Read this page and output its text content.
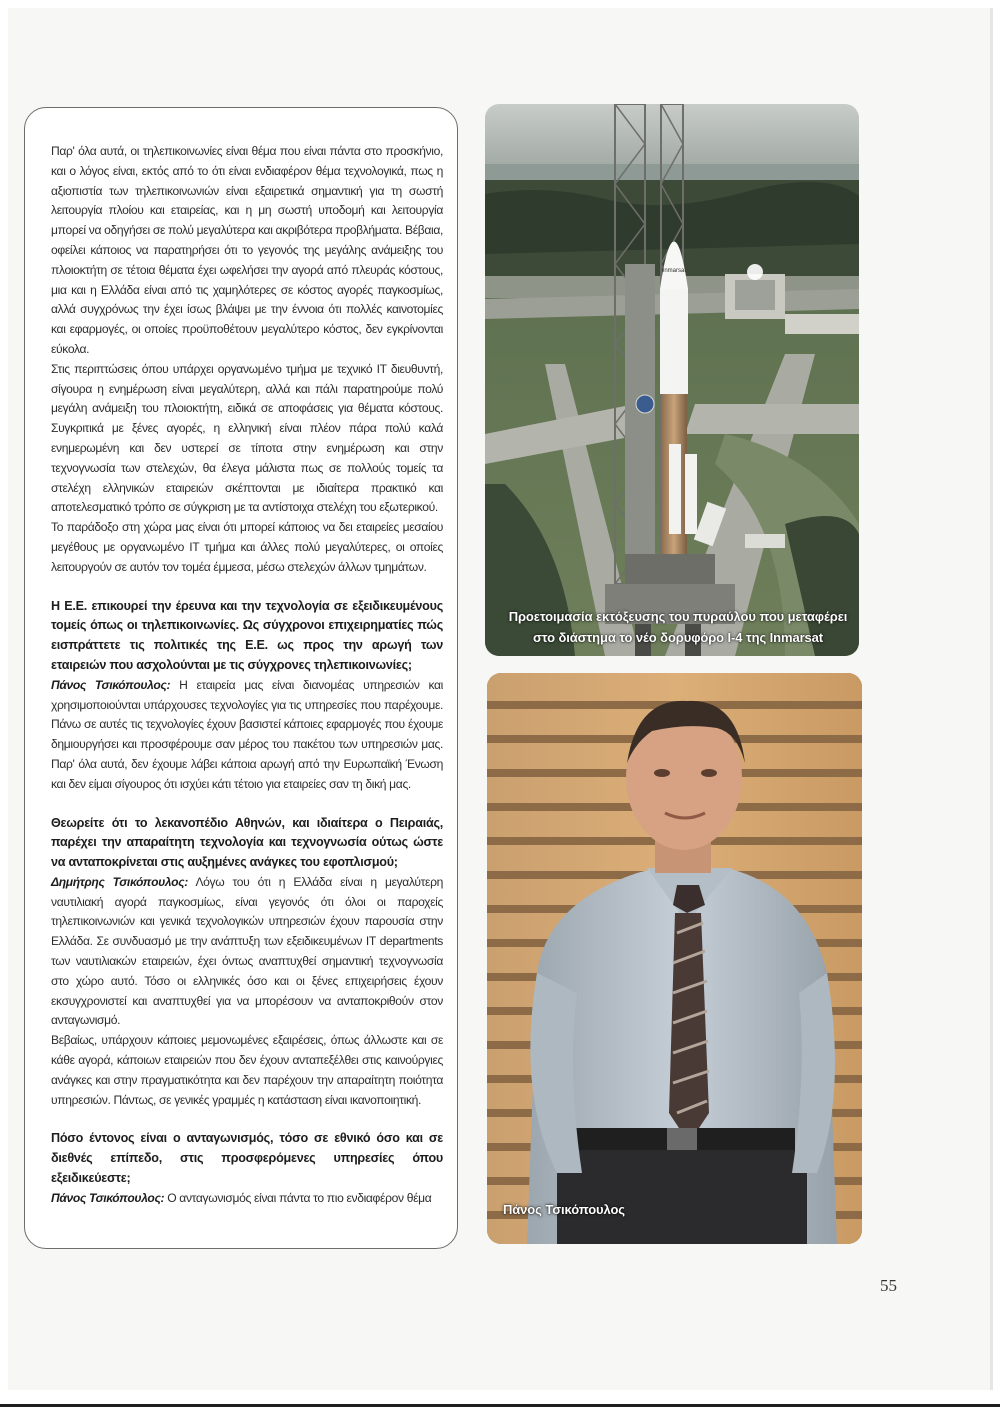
Παρ' όλα αυτά, οι τηλεπικοινωνίες είναι θέμα που είναι πάντα στο προσκήνιο, και ο λόγος είναι, εκτός από το ότι είναι ενδιαφέρον θέμα τεχνολογικά, πως η αξιοπιστία των τηλεπικοινωνιών είναι εξαιρετικά σημαντική για τη σωστή λειτουργία πλοίου και εταιρείας, και η μη σωστή υποδομή και λειτουργία μπορεί να οδηγήσει σε πολύ μεγαλύτερα και ακριβότερα προβλήματα. Βέβαια, οφείλει κάποιος να παρατηρήσει ότι το γεγονός της μεγάλης ανάμειξης του πλοιοκτήτη σε τέτοια θέματα έχει ωφελήσει την αγορά από πλευράς κόστους, μια και η Ελλάδα είναι από τις χαμηλότερες σε κόστος αγορές παγκοσμίως, αλλά συγχρόνως την έχει ίσως βλάψει με την έννοια ότι πολλές καινοτομίες και εφαρμογές, οι οποίες προϋποθέτουν μεγαλύτερο κόστος, δεν εγκρίνονται εύκολα.

Στις περιπτώσεις όπου υπάρχει οργανωμένο τμήμα με τεχνικό IT διευθυντή, σίγουρα η ενημέρωση είναι μεγαλύτερη, αλλά και πάλι παρατηρούμε πολύ μεγάλη ανάμειξη του πλοιοκτήτη, ειδικά σε αποφάσεις για θέματα κόστους. Συγκριτικά με ξένες αγορές, η ελληνική είναι πλέον πάρα πολύ καλά ενημερωμένη και δεν υστερεί σε τίποτα στην ενημέρωση και στην τεχνογνωσία των στελεχών, θα έλεγα μάλιστα πως σε πολλούς τομείς τα στελέχη ελληνικών εταιρειών σκέπτονται με ιδιαίτερα πρακτικό και αποτελεσματικό τρόπο σε σύγκριση με τα αντίστοιχα στελέχη του εξωτερικού.

Το παράδοξο στη χώρα μας είναι ότι μπορεί κάποιος να δει εταιρείες μεσαίου μεγέθους με οργανωμένο IT τμήμα και άλλες πολύ μεγαλύτερες, οι οποίες λειτουργούν σε αυτόν τον τομέα έμμεσα, μέσω στελεχών άλλων τμημάτων.

Η Ε.Ε. επικουρεί την έρευνα και την τεχνολογία σε εξειδικευμένους τομείς όπως οι τηλεπικοινωνίες. Ως σύγχρονοι επιχειρηματίες πώς εισπράττετε τις πολιτικές της Ε.Ε. ως προς την αρωγή των εταιρειών που ασχολούνται με τις σύγχρονες τηλεπικοινωνίες;

Πάνος Τσικόπουλος: Η εταιρεία μας είναι διανομέας υπηρεσιών και χρησιμοποιούνται υπάρχουσες τεχνολογίες για τις υπηρεσίες που παρέχουμε. Πάνω σε αυτές τις τεχνολογίες έχουν βασιστεί κάποιες εφαρμογές που έχουμε δημιουργήσει και προσφέρουμε σαν μέρος του πακέτου των υπηρεσιών μας. Παρ' όλα αυτά, δεν έχουμε λάβει κάποια αρωγή από την Ευρωπαϊκή Ένωση και δεν είμαι σίγουρος ότι ισχύει κάτι τέτοιο για εταιρείες σαν τη δική μας.

Θεωρείτε ότι το λεκανοπέδιο Αθηνών, και ιδιαίτερα ο Πειραιάς, παρέχει την απαραίτητη τεχνολογία και τεχνογνωσία ούτως ώστε να ανταποκρίνεται στις αυξημένες ανάγκες του εφοπλισμού;

Δημήτρης Τσικόπουλος: Λόγω του ότι η Ελλάδα είναι η μεγαλύτερη ναυτιλιακή αγορά παγκοσμίως, είναι γεγονός ότι όλοι οι παροχείς τηλεπικοινωνιών και γενικά τεχνολογικών υπηρεσιών έχουν παρουσία στην Ελλάδα. Σε συνδυασμό με την ανάπτυξη των εξειδικευμένων IT departments των ναυτιλιακών εταιρειών, έχει όντως αναπτυχθεί σημαντική τεχνογνωσία στο χώρο αυτό. Τόσο οι ελληνικές όσο και οι ξένες επιχειρήσεις έχουν εκσυγχρονιστεί και αναπτυχθεί για να μπορέσουν να ανταποκριθούν στον ανταγωνισμό.

Βεβαίως, υπάρχουν κάποιες μεμονωμένες εξαιρέσεις, όπως άλλωστε και σε κάθε αγορά, κάποιων εταιρειών που δεν έχουν ανταπεξέλθει στις καινούργιες ανάγκες και στην πραγματικότητα και δεν παρέχουν την απαραίτητη ποιότητα υπηρεσιών. Πάντως, σε γενικές γραμμές η κατάσταση είναι ικανοποιητική.

Πόσο έντονος είναι ο ανταγωνισμός, τόσο σε εθνικό όσο και σε διεθνές επίπεδο, στις προσφερόμενες υπηρεσίες όπου εξειδικεύεστε;

Πάνος Τσικόπουλος: Ο ανταγωνισμός είναι πάντα το πιο ενδιαφέρον θέμα

inmarsat
Προετοιμασία εκτόξευσης του πυραύλου που μεταφέρει
στο διάστημα το νέο δορυφόρο I-4 της Inmarsat
Πάνος Τσικόπουλος
55
